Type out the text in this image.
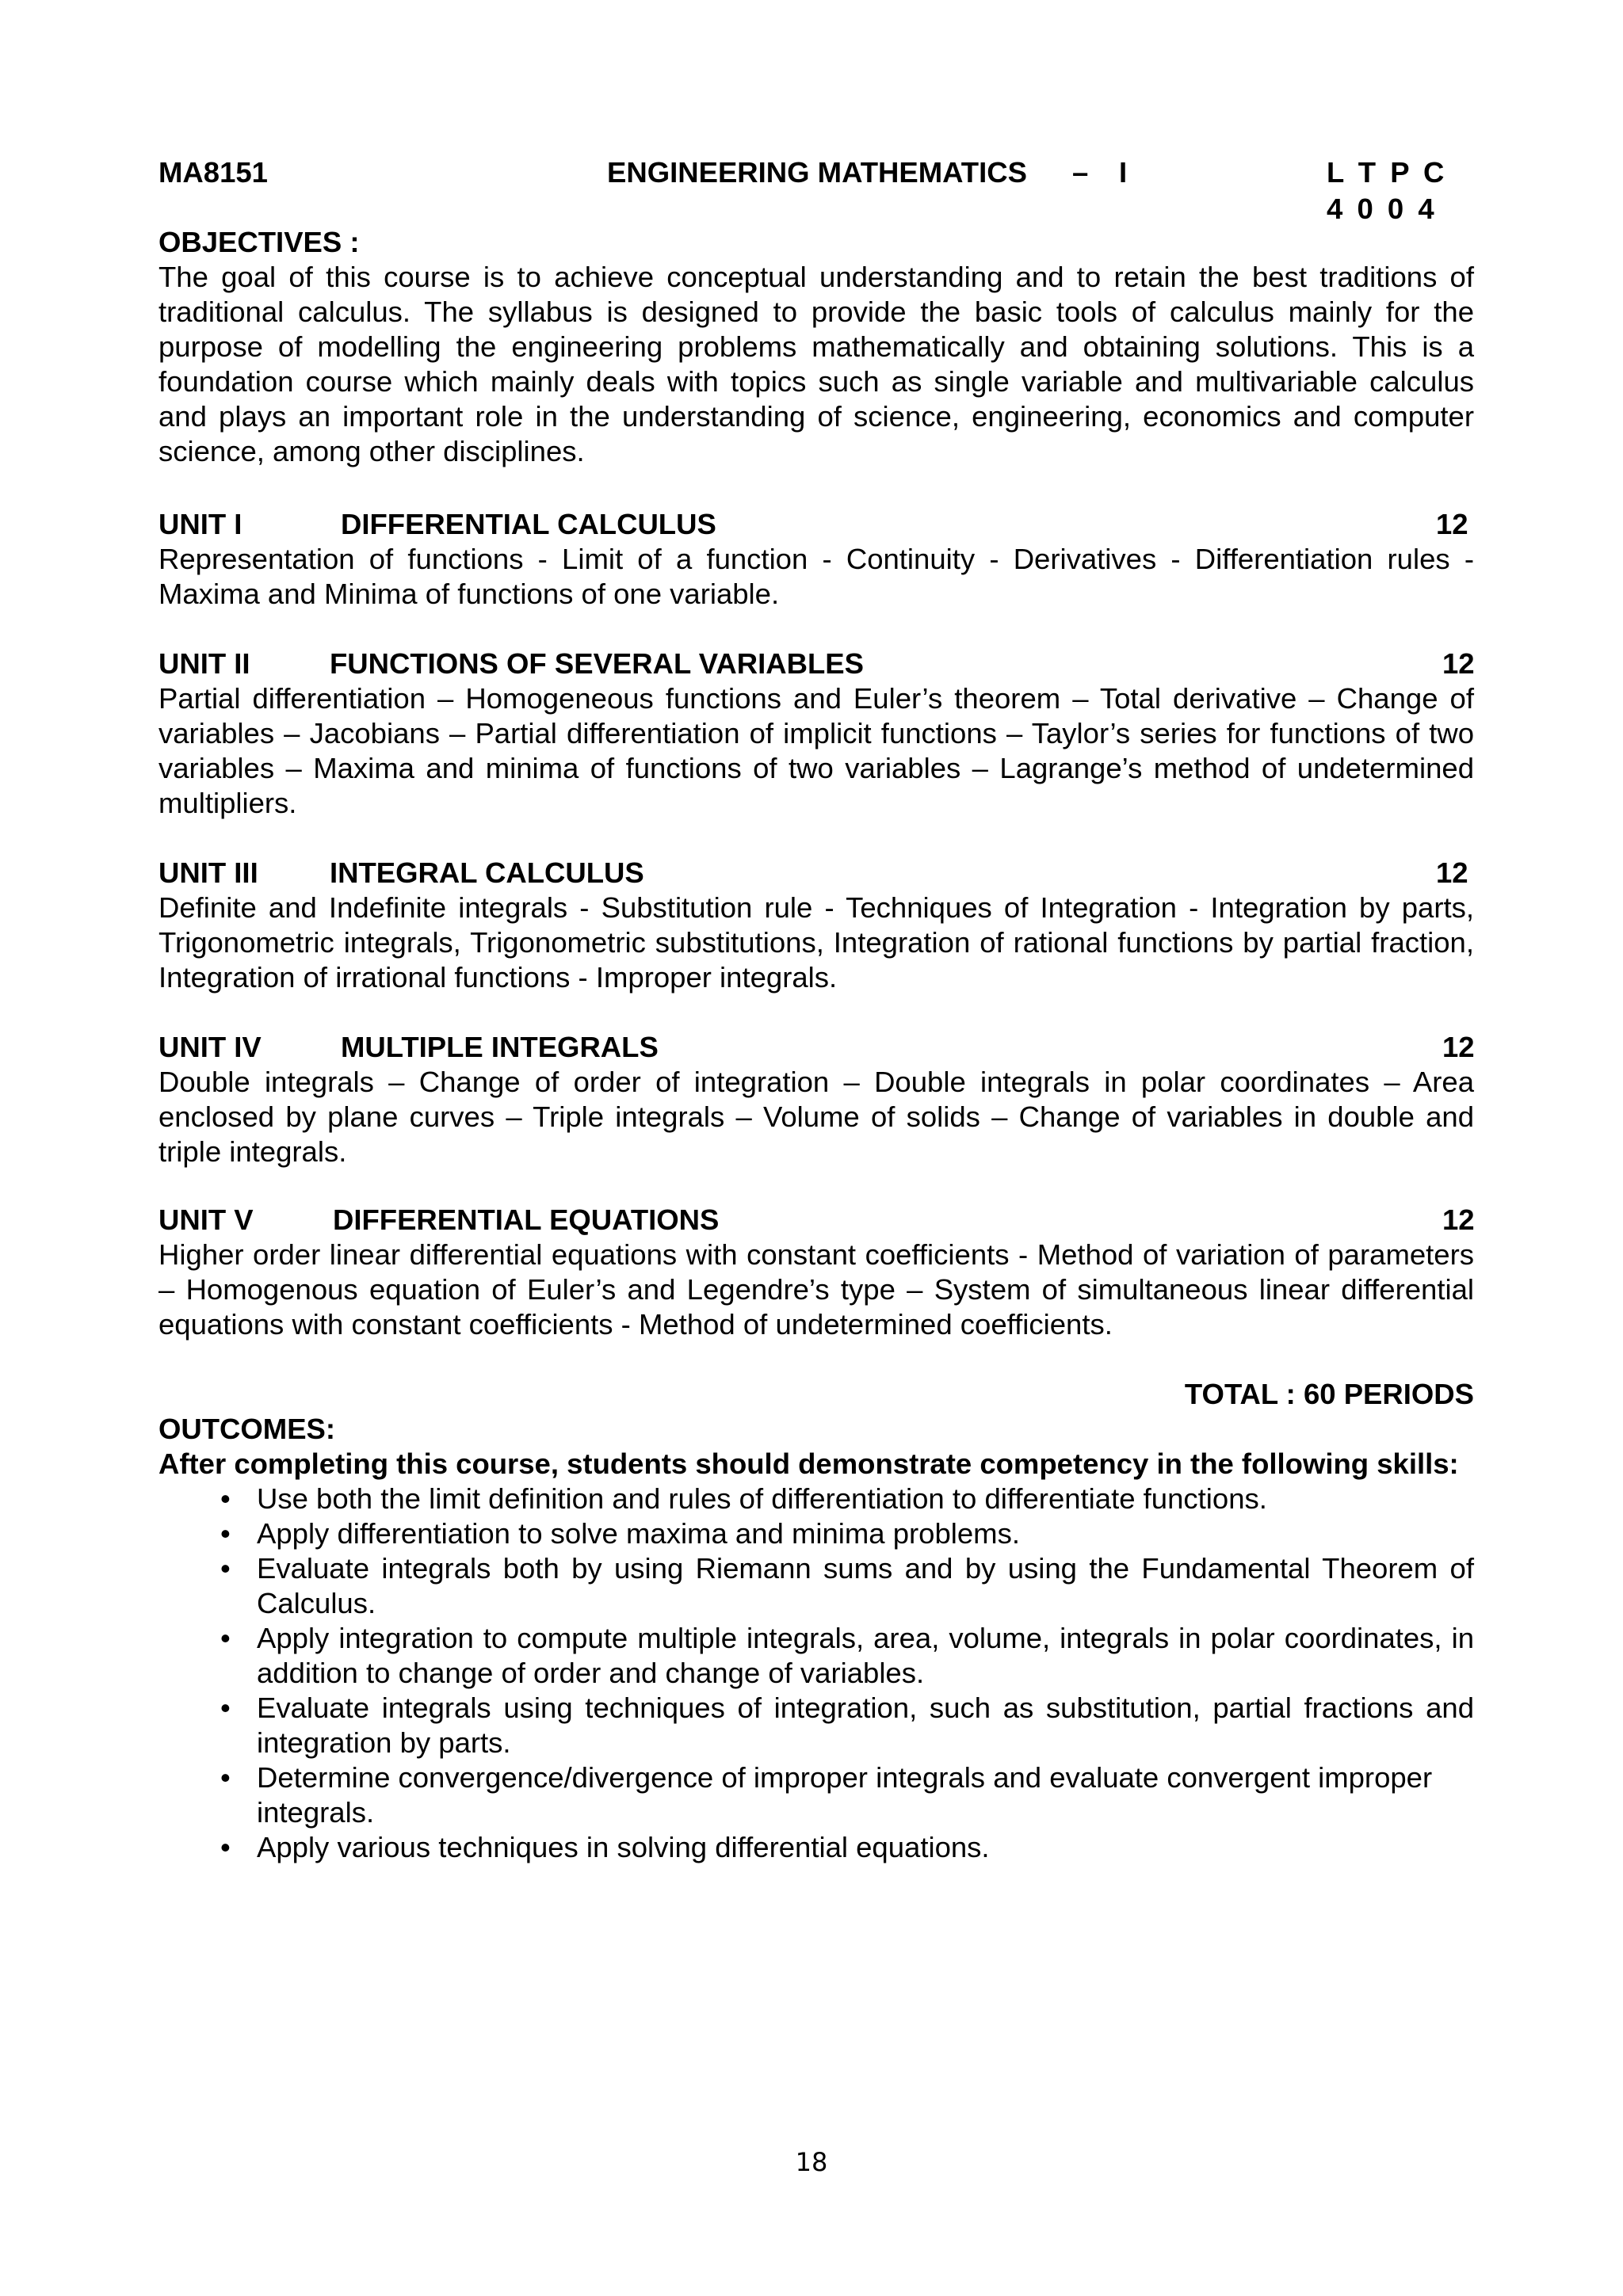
MA8151	ENGINEERING MATHEMATICS – I	L T P C
4 0 0 4
OBJECTIVES :

The goal of this course is to achieve conceptual understanding and to retain the best traditions of traditional calculus. The syllabus is designed to provide the basic tools of calculus mainly for the purpose of modelling the engineering problems mathematically and obtaining solutions. This is a foundation course which mainly deals with topics such as single variable and multivariable calculus and plays an important role in the understanding of science, engineering, economics and computer science, among other disciplines.

UNIT I	DIFFERENTIAL CALCULUS	12

Representation of functions - Limit of a function - Continuity - Derivatives - Differentiation rules - Maxima and Minima of functions of one variable.

UNIT II	FUNCTIONS OF SEVERAL VARIABLES	12

Partial differentiation – Homogeneous functions and Euler’s theorem – Total derivative – Change of variables – Jacobians – Partial differentiation of implicit functions – Taylor’s series for functions of two variables – Maxima and minima of functions of two variables – Lagrange’s method of undetermined multipliers.

UNIT III INTEGRAL CALCULUS	12

Definite and Indefinite integrals - Substitution rule - Techniques of Integration - Integration by parts, Trigonometric integrals, Trigonometric substitutions, Integration of rational functions by partial fraction, Integration of irrational functions - Improper integrals.

UNIT IV	MULTIPLE INTEGRALS	12

Double integrals – Change of order of integration – Double integrals in polar coordinates – Area enclosed by plane curves – Triple integrals – Volume of solids – Change of variables in double and triple integrals.

UNIT V	DIFFERENTIAL EQUATIONS	12

Higher order linear differential equations with constant coefficients - Method of variation of parameters – Homogenous equation of Euler’s and Legendre’s type – System of simultaneous linear differential equations with constant coefficients - Method of undetermined coefficients.

TOTAL : 60 PERIODS
OUTCOMES:

After completing this course, students should demonstrate competency in the following skills:

• Use both the limit definition and rules of differentiation to differentiate functions.
• Apply differentiation to solve maxima and minima problems.
• Evaluate integrals both by using Riemann sums and by using the Fundamental Theorem of Calculus.
• Apply integration to compute multiple integrals, area, volume, integrals in polar coordinates, in addition to change of order and change of variables.
• Evaluate integrals using techniques of integration, such as substitution, partial fractions and integration by parts.
• Determine convergence/divergence of improper integrals and evaluate convergent improper integrals.
• Apply various techniques in solving differential equations.
18
